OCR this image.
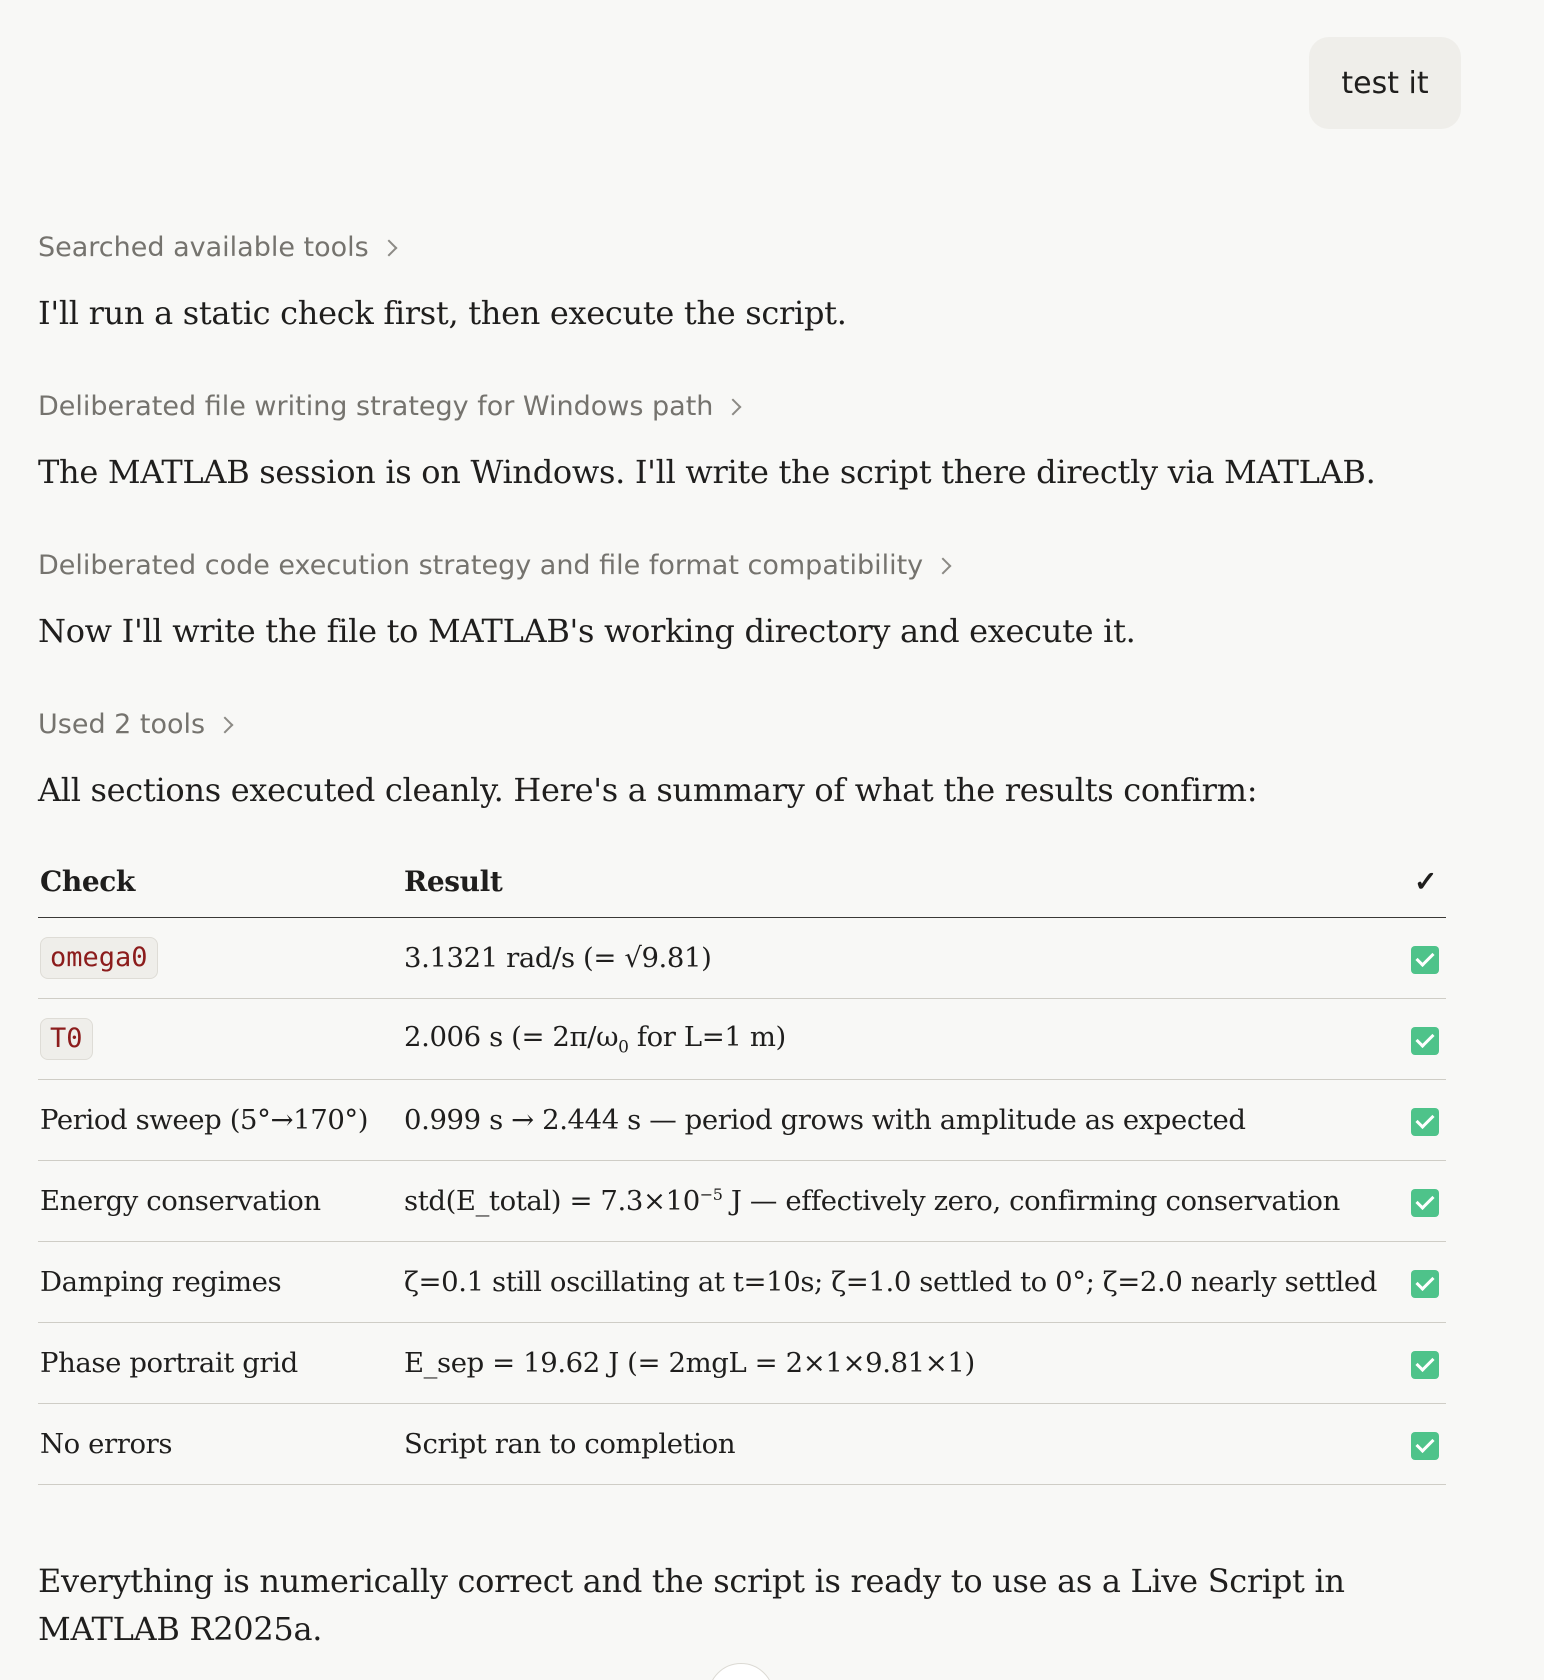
test it
Searched available tools
I'll run a static check first, then execute the script.
Deliberated file writing strategy for Windows path
The MATLAB session is on Windows. I'll write the script there directly via MATLAB.
Deliberated code execution strategy and file format compatibility
Now I'll write the file to MATLAB's working directory and execute it.
Used 2 tools
All sections executed cleanly. Here's a summary of what the results confirm:
Check	Result	✓
omega0	3.1321 rad/s (= √9.81)	
T0	2.006 s (= $2\pi/\omega_0$ for L=1 m)	
Period sweep (5°→170°)	0.999 s → 2.444 s — period grows with amplitude as expected	
Energy conservation	std(E_total) = $7.3\times 10^{-5}$ J — effectively zero, confirming conservation	
Damping regimes	ζ=0.1 still oscillating at t=10s; ζ=1.0 settled to 0°; ζ=2.0 nearly settled	
Phase portrait grid	E_sep = 19.62 J (= 2mgL = 2×1×9.81×1)	
No errors	Script ran to completion	
Everything is numerically correct and the script is ready to use as a Live Script in MATLAB R2025a.
